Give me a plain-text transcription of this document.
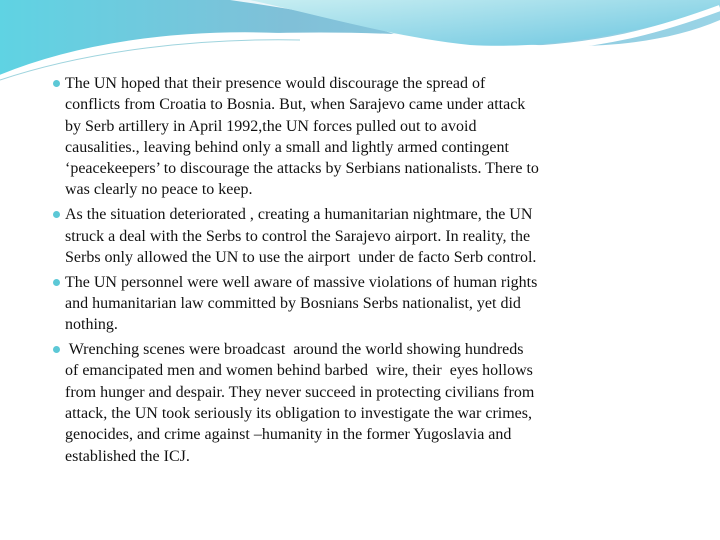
The UN hoped that their presence would discourage the spread of
conflicts from Croatia to Bosnia. But, when Sarajevo came under attack
by Serb artillery in April 1992,the UN forces pulled out to avoid
causalities., leaving behind only a small and lightly armed contingent
‘peacekeepers’ to discourage the attacks by Serbians nationalists. There to
was clearly no peace to keep.
As the situation deteriorated , creating a humanitarian nightmare, the UN
struck a deal with the Serbs to control the Sarajevo airport. In reality, the
Serbs only allowed the UN to use the airport  under de facto Serb control.
The UN personnel were well aware of massive violations of human rights
and humanitarian law committed by Bosnians Serbs nationalist, yet did
nothing.
Wrenching scenes were broadcast  around the world showing hundreds
of emancipated men and women behind barbed  wire, their  eyes hollows
from hunger and despair. They never succeed in protecting civilians from
attack, the UN took seriously its obligation to investigate the war crimes,
genocides, and crime against –humanity in the former Yugoslavia and
established the ICJ.
